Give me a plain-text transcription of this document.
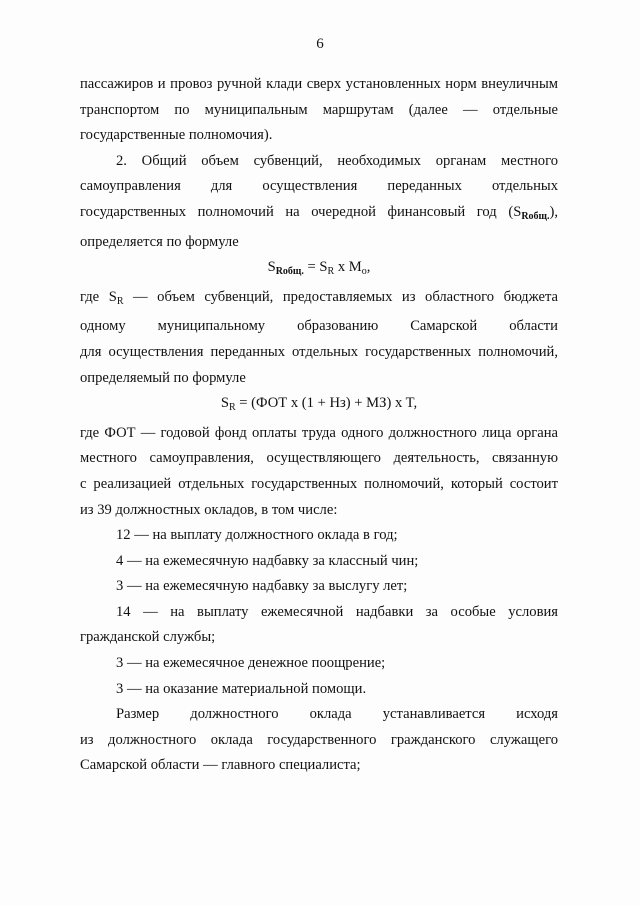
6
пассажиров и провоз ручной клади сверх установленных норм внеуличным
транспортом по муниципальным маршрутам (далее — отдельные
государственные полномочия).
2. Общий объем субвенций, необходимых органам местного
самоуправления для осуществления переданных отдельных
государственных полномочий на очередной финансовый год $(S_{Rобщ.})$,
определяется по формуле
$S_{Rобщ.} = S_R$ x $M_o$,
где $S_R$ — объем субвенций, предоставляемых из областного бюджета
одному муниципальному образованию Самарской области
для осуществления переданных отдельных государственных полномочий,
определяемый по формуле
$S_R = (ФОТ$ x (1 + Нз) + МЗ) x T,
где ФОТ — годовой фонд оплаты труда одного должностного лица органа
местного самоуправления, осуществляющего деятельность, связанную
с реализацией отдельных государственных полномочий, который состоит
из 39 должностных окладов, в том числе:
12 — на выплату должностного оклада в год;
4 — на ежемесячную надбавку за классный чин;
3 — на ежемесячную надбавку за выслугу лет;
14 — на выплату ежемесячной надбавки за особые условия
гражданской службы;
3 — на ежемесячное денежное поощрение;
3 — на оказание материальной помощи.
Размер должностного оклада устанавливается исходя
из должностного оклада государственного гражданского служащего
Самарской области — главного специалиста;
